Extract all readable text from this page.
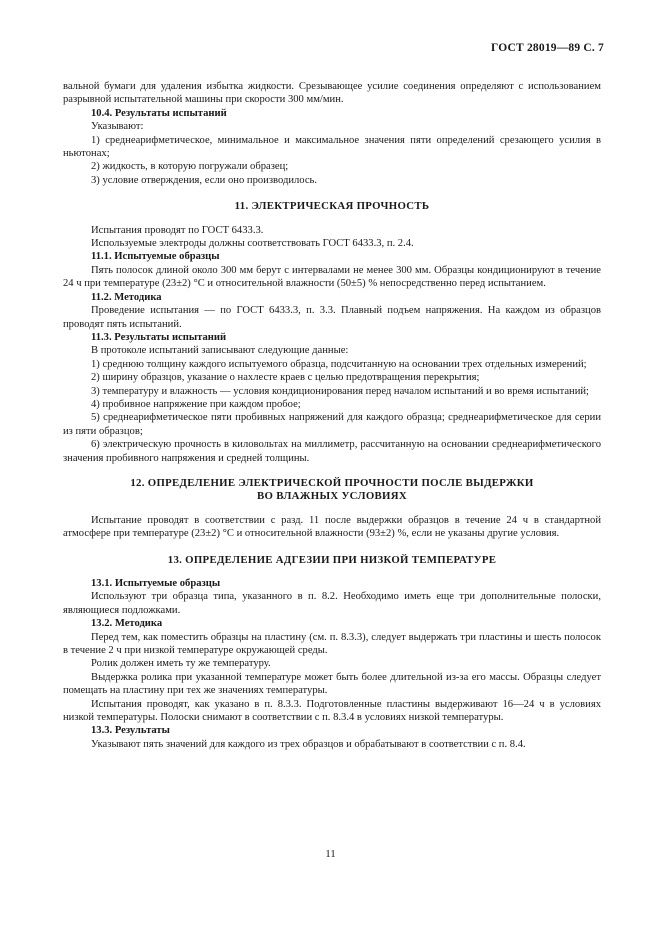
ГОСТ 28019—89 С. 7

вальной бумаги для удаления избытка жидкости. Срезывающее усилие соединения определяют с использованием разрывной испытательной машины при скорости 300 мм/мин.

10.4. Результаты испытаний

Указывают:

1) среднеарифметическое, минимальное и максимальное значения пяти определений срезающего усилия в ньютонах;

2) жидкость, в которую погружали образец;

3) условие отверждения, если оно производилось.

11. ЭЛЕКТРИЧЕСКАЯ ПРОЧНОСТЬ

Испытания проводят по ГОСТ 6433.3.

Используемые электроды должны соответствовать ГОСТ 6433.3, п. 2.4.

11.1. Испытуемые образцы

Пять полосок длиной около 300 мм берут с интервалами не менее 300 мм. Образцы кондиционируют в течение 24 ч при температуре (23±2) °С и относительной влажности (50±5) % непосредственно перед испытанием.

11.2. Методика

Проведение испытания — по ГОСТ 6433.3, п. 3.3. Плавный подъем напряжения. На каждом из образцов проводят пять испытаний.

11.3. Результаты испытаний

В протоколе испытаний записывают следующие данные:

1) среднюю толщину каждого испытуемого образца, подсчитанную на основании трех отдельных измерений;

2) ширину образцов, указание о нахлесте краев с целью предотвращения перекрытия;

3) температуру и влажность — условия кондиционирования перед началом испытаний и во время испытаний;

4) пробивное напряжение при каждом пробое;

5) среднеарифметическое пяти пробивных напряжений для каждого образца; среднеарифметическое для серии из пяти образцов;

6) электрическую прочность в киловольтах на миллиметр, рассчитанную на основании среднеарифметического значения пробивного напряжения и средней толщины.

12. ОПРЕДЕЛЕНИЕ ЭЛЕКТРИЧЕСКОЙ ПРОЧНОСТИ ПОСЛЕ ВЫДЕРЖКИ

ВО ВЛАЖНЫХ УСЛОВИЯХ

Испытание проводят в соответствии с разд. 11 после выдержки образцов в течение 24 ч в стандартной атмосфере при температуре (23±2) °С и относительной влажности (93±2) %, если не указаны другие условия.

13. ОПРЕДЕЛЕНИЕ АДГЕЗИИ ПРИ НИЗКОЙ ТЕМПЕРАТУРЕ

13.1. Испытуемые образцы

Используют три образца типа, указанного в п. 8.2. Необходимо иметь еще три дополнительные полоски, являющиеся подложками.

13.2. Методика

Перед тем, как поместить образцы на пластину (см. п. 8.3.3), следует выдержать три пластины и шесть полосок в течение 2 ч при низкой температуре окружающей среды.

Ролик должен иметь ту же температуру.

Выдержка ролика при указанной температуре может быть более длительной из-за его массы. Образцы следует помещать на пластину при тех же значениях температуры.

Испытания проводят, как указано в п. 8.3.3. Подготовленные пластины выдерживают 16—24 ч в условиях низкой температуры. Полоски снимают в соответствии с п. 8.3.4 в условиях низкой температуры.

13.3. Результаты

Указывают пять значений для каждого из трех образцов и обрабатывают в соответствии с п. 8.4.

11
